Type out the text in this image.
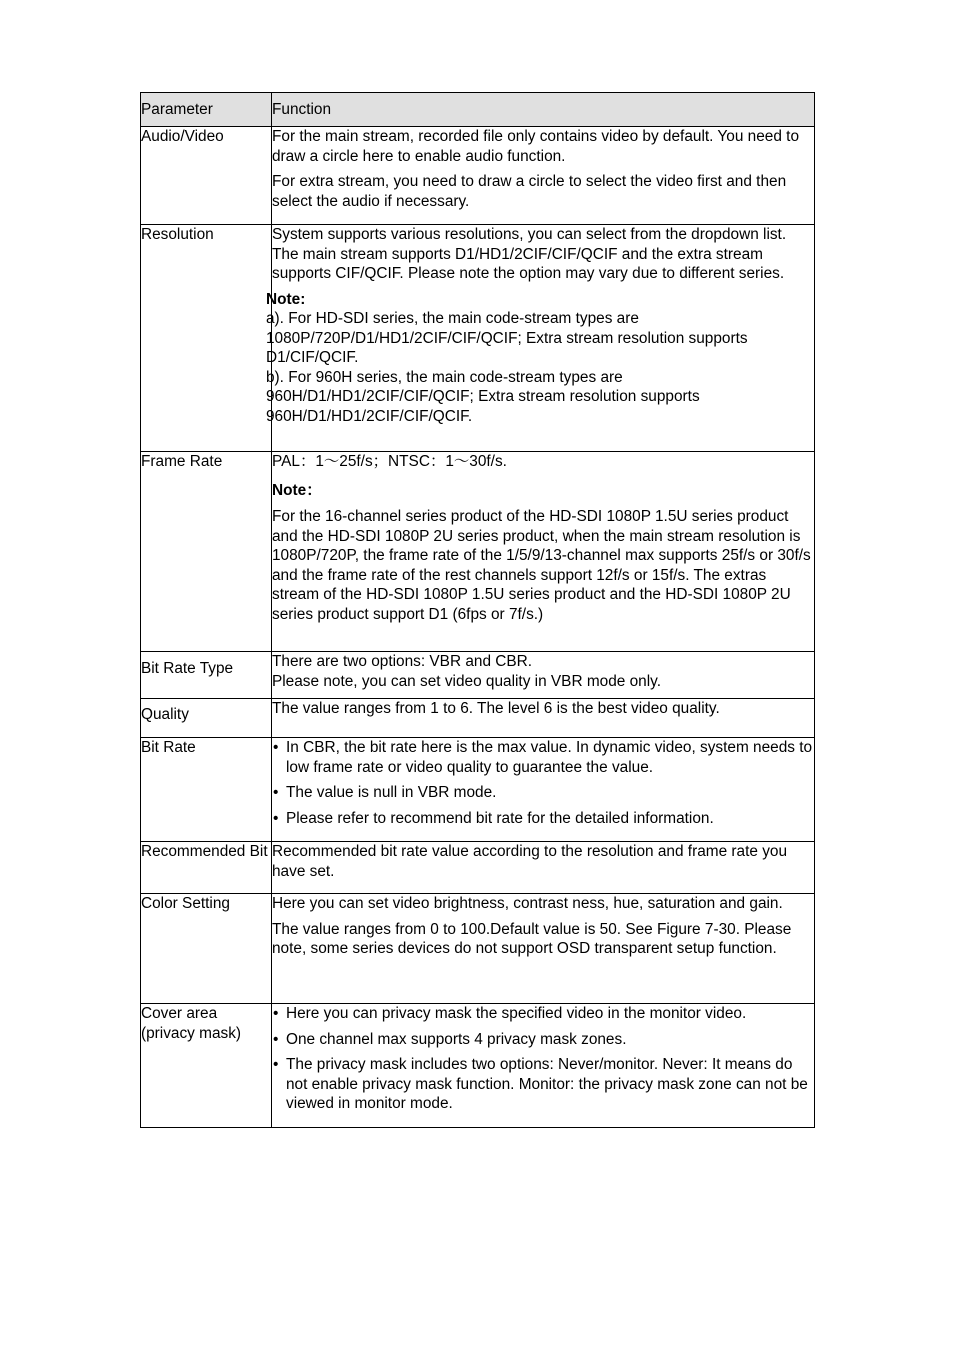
Parameter	Function
Audio/Video	For the main stream, recorded file only contains video by default. You need to draw a circle here to enable audio function.

For extra stream, you need to draw a circle to select the video first and then select the audio if necessary.

Resolution	System supports various resolutions, you can select from the dropdown list. The main stream supports D1/HD1/2CIF/CIF/QCIF and the extra stream supports CIF/QCIF. Please note the option may vary due to different series.

Note:

a). For HD-SDI series, the main code-stream types are 1080P/720P/D1/HD1/2CIF/CIF/QCIF; Extra stream resolution supports D1/CIF/QCIF.

b). For 960H series, the main code-stream types are 960H/D1/HD1/2CIF/CIF/QCIF; Extra stream resolution supports 960H/D1/HD1/2CIF/CIF/QCIF.

Frame Rate	PAL：1～25f/s；NTSC：1～30f/s.

Note：

For the 16-channel series product of the HD-SDI 1080P 1.5U series product and the HD-SDI 1080P 2U series product, when the main stream resolution is 1080P/720P, the frame rate of the 1/5/9/13-channel max supports 25f/s or 30f/s and the frame rate of the rest channels support 12f/s or 15f/s. The extras stream of the HD-SDI 1080P 1.5U series product and the HD-SDI 1080P 2U series product support D1 (6fps or 7f/s.)

Bit Rate Type	There are two options: VBR and CBR.

Please note, you can set video quality in VBR mode only.

Quality	The value ranges from 1 to 6. The level 6 is the best video quality.

Bit Rate	• In CBR, the bit rate here is the max value. In dynamic video, system needs to low frame rate or video quality to guarantee the value.

• The value is null in VBR mode.

• Please refer to recommend bit rate for the detailed information.

Recommended Bit	Recommended bit rate value according to the resolution and frame rate you have set.

Color Setting	Here you can set video brightness, contrast ness, hue, saturation and gain.

The value ranges from 0 to 100.Default value is 50. See Figure 7-30. Please note, some series devices do not support OSD transparent setup function.

Cover area (privacy mask)	• Here you can privacy mask the specified video in the monitor video.

• One channel max supports 4 privacy mask zones.

• The privacy mask includes two options: Never/monitor. Never: It means do not enable privacy mask function. Monitor: the privacy mask zone can not be viewed in monitor mode.
